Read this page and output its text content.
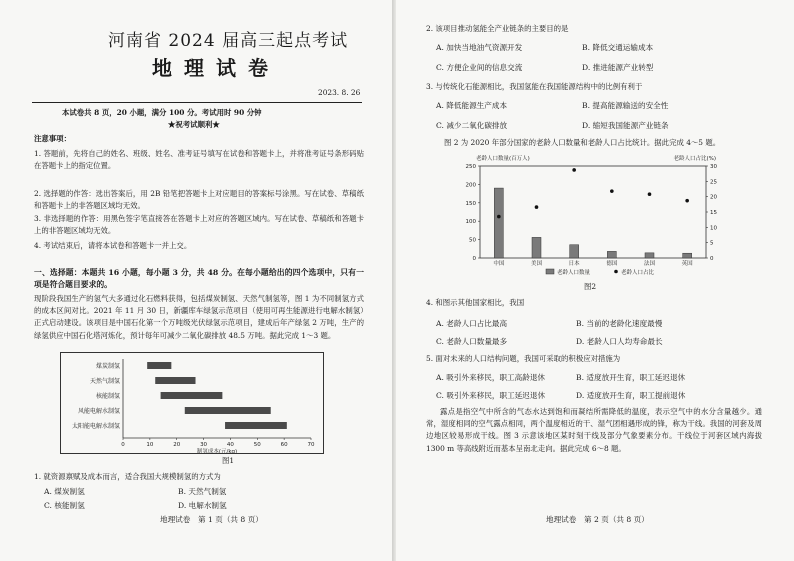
河南省 2024 届高三起点考试
地理试卷
2023. 8. 26
本试卷共 8 页，20 小题，满分 100 分。考试用时 90 分钟
★祝考试顺利★
注意事项：
1. 答题前，先将自己的姓名、班级、姓名、准考证号填写在试卷和答题卡上，并将准考证号条形码贴在答题卡上的指定位置。
2. 选择题的作答：选出答案后，用 2B 铅笔把答题卡上对应题目的答案标号涂黑。写在试卷、草稿纸和答题卡上的非答题区域均无效。
3. 非选择题的作答：用黑色签字笔直接答在答题卡上对应的答题区域内。写在试卷、草稿纸和答题卡上的非答题区域均无效。
4. 考试结束后，请将本试卷和答题卡一并上交。
一、选择题：本题共 16 小题，每小题 3 分，共 48 分。在每小题给出的四个选项中，只有一项是符合题目要求的。
现阶段我国生产的氢气大多通过化石燃料获得，包括煤炭制氢、天然气制氢等，图 1 为不同制氢方式的成本区间对比。2021 年 11 月 30 日，新疆库车绿氢示范项目（使用可再生能源进行电解水制氢）正式启动建设。该项目是中国石化第一个万吨级光伏绿氢示范项目，建成后年产绿氢 2 万吨，生产的绿氢供应中国石化塔河炼化，预计每年可减少二氧化碳排放 48.5 万吨。据此完成 1～3 题。
煤炭制氢
天然气制氢
核能制氢
风能电解水制氢
太阳能电解水制氢
0	10	20	30	40	50	60	70
制氢成本(元/kg)
图1
1. 就资源禀赋及成本而言，适合我国大规模制氢的方式为
A. 煤炭制氢	B. 天然气制氢
C. 核能制氢	D. 电解水制氢
地理试卷　第 1 页（共 8 页）
2. 该项目推动氢能全产业链条的主要目的是
A. 加快当地油气资源开发	B. 降低交通运输成本
C. 方便企业间的信息交流	D. 推进能源产业转型
3. 与传统化石能源相比，我国氢能在我国能源结构中的比例有利于
A. 降低能源生产成本	B. 提高能源输送的安全性
C. 减少二氧化碳排放	D. 缩短我国能源产业链条
图 2 为 2020 年部分国家的老龄人口数量和老龄人口占比统计。据此完成 4～5 题。
老龄人口数量(百万人)	老龄人口占比(%)
0
50
100
150
200
250
0
5
10
15
20
25
30
中国	美国	日本	德国	法国	英国
老龄人口数量	老龄人口占比
图2
4. 和图示其他国家相比，我国
A. 老龄人口占比最高	B. 当前的老龄化速度最慢
C. 老龄人口数量最多	D. 老龄人口人均寿命最长
5. 面对未来的人口结构问题，我国可采取的积极应对措施为
A. 吸引外来移民，职工高龄退休	B. 适度放开生育，职工延迟退休
C. 吸引外来移民，职工延迟退休	D. 适度放开生育，职工提前退休
露点是指空气中所含的气态水达到饱和而凝结所需降低的温度，表示空气中的水分含量越少。通常，湿度相同的空气露点相同，两个温度相近的干、湿气团相遇形成的锋，称为干线。我国的河套及周边地区较易形成干线。图 3 示意该地区某时刻干线及部分气象要素分布。干线位于河套区域内海拔 1300 m 等高线附近而基本呈南北走向。据此完成 6～8 题。
地理试卷　第 2 页（共 8 页）
